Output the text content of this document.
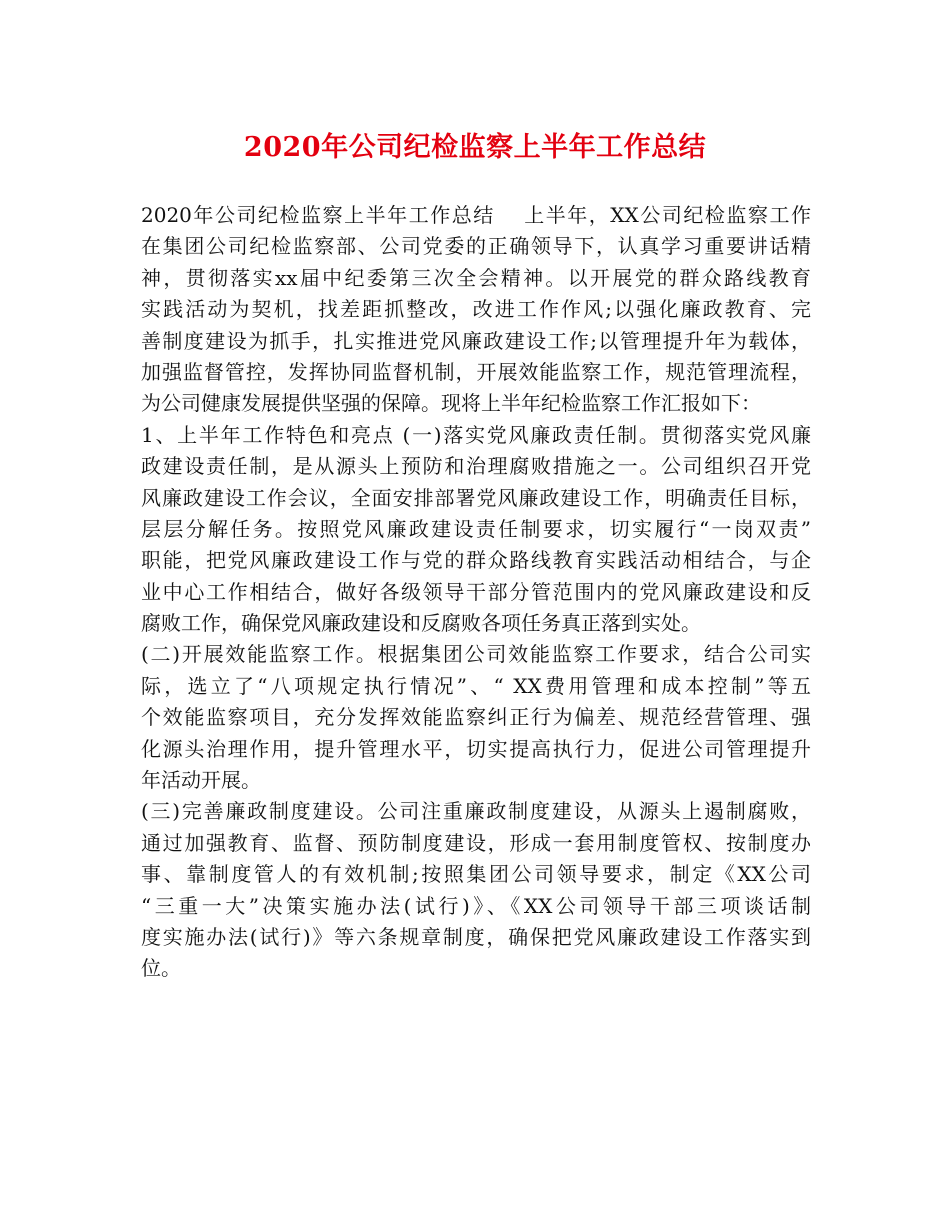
2020年公司纪检监察上半年工作总结
2020年公司纪检监察上半年工作总结　 上半年，XX公司纪检监察工作
在集团公司纪检监察部、公司党委的正确领导下，认真学习重要讲话精
神，贯彻落实xx届中纪委第三次全会精神。以开展党的群众路线教育
实践活动为契机，找差距抓整改，改进工作作风;以强化廉政教育、完
善制度建设为抓手，扎实推进党风廉政建设工作;以管理提升年为载体，
加强监督管控，发挥协同监督机制，开展效能监察工作，规范管理流程，
为公司健康发展提供坚强的保障。现将上半年纪检监察工作汇报如下：
1、上半年工作特色和亮点 (一)落实党风廉政责任制。贯彻落实党风廉
政建设责任制，是从源头上预防和治理腐败措施之一。公司组织召开党
风廉政建设工作会议，全面安排部署党风廉政建设工作，明确责任目标，
层层分解任务。按照党风廉政建设责任制要求，切实履行“一岗双责”
职能，把党风廉政建设工作与党的群众路线教育实践活动相结合，与企
业中心工作相结合，做好各级领导干部分管范围内的党风廉政建设和反
腐败工作，确保党风廉政建设和反腐败各项任务真正落到实处。
(二)开展效能监察工作。根据集团公司效能监察工作要求，结合公司实
际，选立了“八项规定执行情况”、“ XX费用管理和成本控制”等五
个效能监察项目，充分发挥效能监察纠正行为偏差、规范经营管理、强
化源头治理作用，提升管理水平，切实提高执行力，促进公司管理提升
年活动开展。
(三)完善廉政制度建设。公司注重廉政制度建设，从源头上遏制腐败，
通过加强教育、监督、预防制度建设，形成一套用制度管权、按制度办
事、靠制度管人的有效机制;按照集团公司领导要求，制定《XX公司
“三重一大”决策实施办法(试行)》、《XX公司领导干部三项谈话制
度实施办法(试行)》等六条规章制度，确保把党风廉政建设工作落实到
位。
